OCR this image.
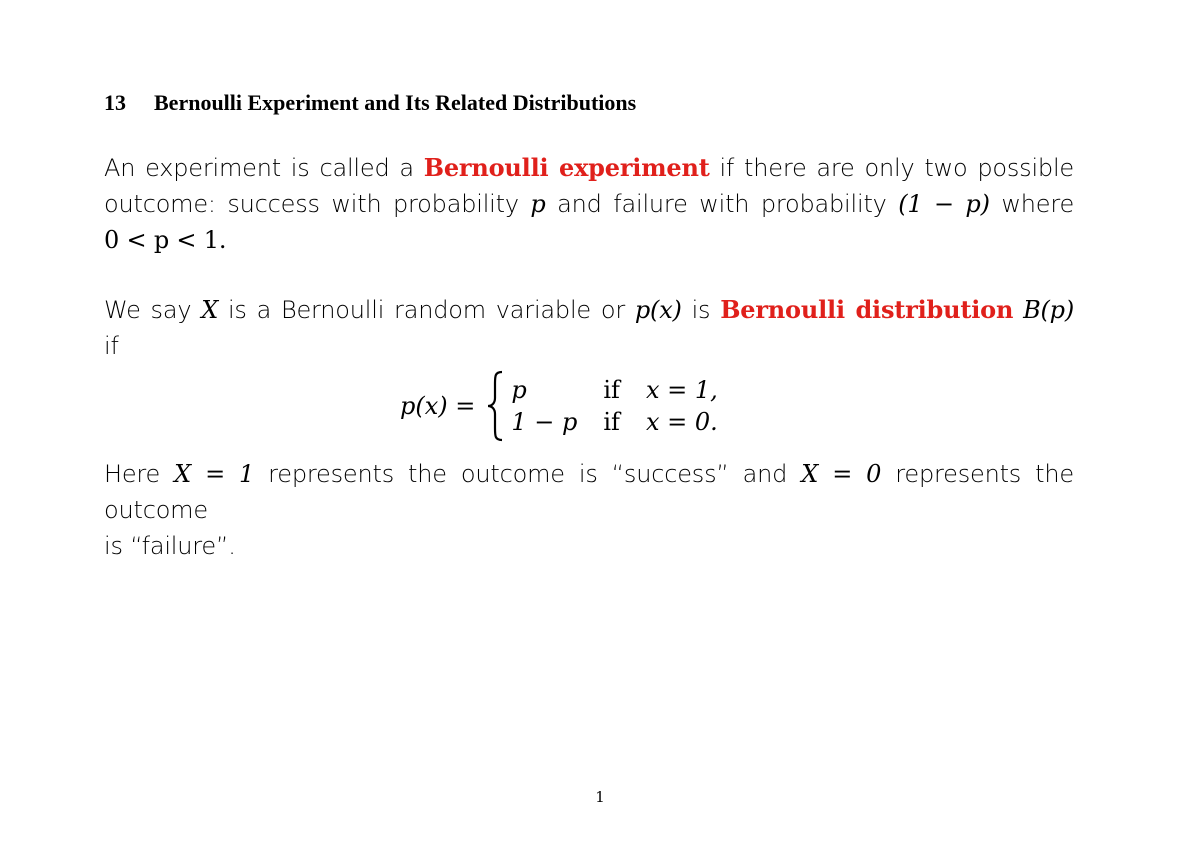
13 Bernoulli Experiment and Its Related Distributions
An experiment is called a Bernoulli experiment if there are only two possible
outcome: success with probability p and failure with probability (1 − p) where
0 < p < 1.
We say X is a Bernoulli random variable or p(x) is Bernoulli distribution B(p)
if
p(x) =
p	if x = 1,
1 − p if x = 0.
Here X = 1 represents the outcome is “success” and X = 0 represents the outcome
is “failure”.
1
